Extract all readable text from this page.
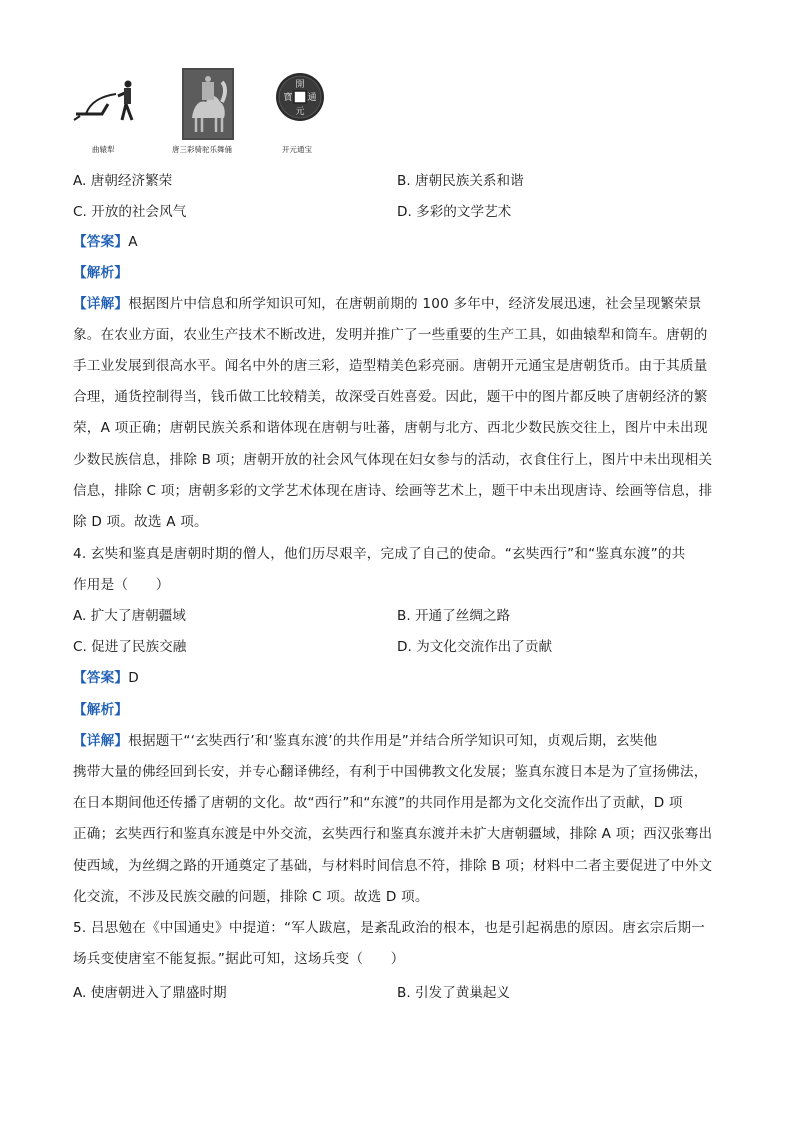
曲辕犁	唐三彩骑驼乐舞俑
開
元
通
寶
开元通宝
A. 唐朝经济繁荣	B. 唐朝民族关系和谐
C. 开放的社会风气	D. 多彩的文学艺术
【答案】A
【解析】
【详解】根据图片中信息和所学知识可知，在唐朝前期的 100 多年中，经济发展迅速，社会呈现繁荣景
象。在农业方面，农业生产技术不断改进，发明并推广了一些重要的生产工具，如曲辕犁和筒车。唐朝的
手工业发展到很高水平。闻名中外的唐三彩，造型精美色彩亮丽。唐朝开元通宝是唐朝货币。由于其质量
合理，通货控制得当，钱币做工比较精美，故深受百姓喜爱。因此，题干中的图片都反映了唐朝经济的繁
荣，A 项正确；唐朝民族关系和谐体现在唐朝与吐蕃，唐朝与北方、西北少数民族交往上，图片中未出现
少数民族信息，排除 B 项；唐朝开放的社会风气体现在妇女参与的活动，衣食住行上，图片中未出现相关
信息，排除 C 项；唐朝多彩的文学艺术体现在唐诗、绘画等艺术上，题干中未出现唐诗、绘画等信息，排
除 D 项。故选 A 项。
4. 玄奘和鉴真是唐朝时期的僧人，他们历尽艰辛，完成了自己的使命。“玄奘西行”和“鉴真东渡”的共
作用是（　　）
A. 扩大了唐朝疆域	B. 开通了丝绸之路
C. 促进了民族交融	D. 为文化交流作出了贡献
【答案】D
【解析】
【详解】根据题干“‘玄奘西行’和‘鉴真东渡’的共作用是”并结合所学知识可知，贞观后期，玄奘他
携带大量的佛经回到长安，并专心翻译佛经，有利于中国佛教文化发展；鉴真东渡日本是为了宣扬佛法，
在日本期间他还传播了唐朝的文化。故“西行”和“东渡”的共同作用是都为文化交流作出了贡献，D 项
正确；玄奘西行和鉴真东渡是中外交流，玄奘西行和鉴真东渡并未扩大唐朝疆域，排除 A 项；西汉张骞出
使西域，为丝绸之路的开通奠定了基础，与材料时间信息不符，排除 B 项；材料中二者主要促进了中外文
化交流，不涉及民族交融的问题，排除 C 项。故选 D 项。
5. 吕思勉在《中国通史》中提道：“军人跋扈，是紊乱政治的根本，也是引起祸患的原因。唐玄宗后期一
场兵变使唐室不能复振。”据此可知，这场兵变（　　）
A. 使唐朝进入了鼎盛时期	B. 引发了黄巢起义
